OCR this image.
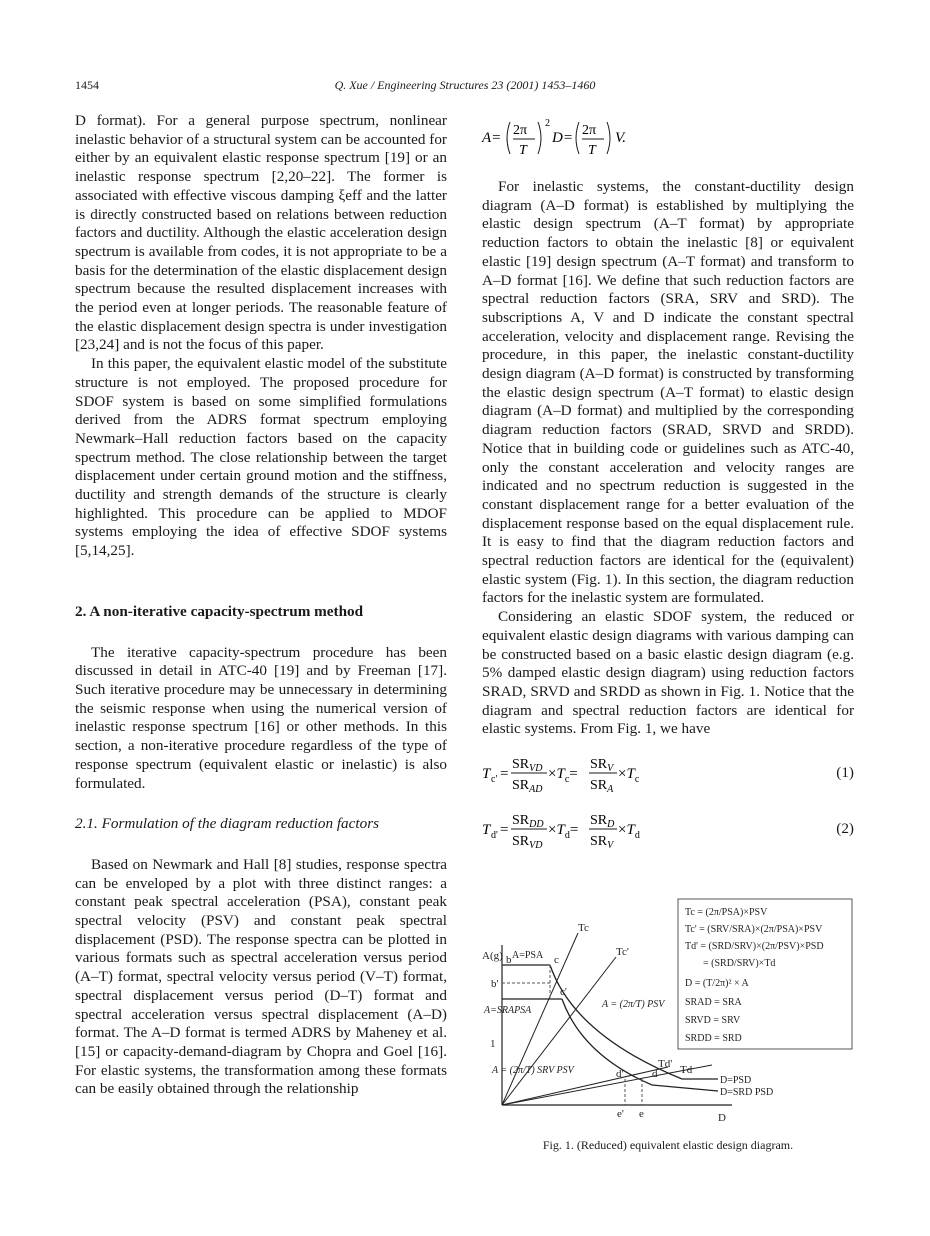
1454	Q. Xue / Engineering Structures 23 (2001) 1453–1460

D format). For a general purpose spectrum, nonlinear inelastic behavior of a structural system can be accounted for either by an equivalent elastic response spectrum [19] or an inelastic response spectrum [2,20–22]. The former is associated with effective viscous damping ξeff and the latter is directly constructed based on relations between reduction factors and ductility. Although the elastic acceleration design spectrum is available from codes, it is not appropriate to be a basis for the determination of the elastic displacement design spectrum because the resulted displacement increases with the period even at longer periods. The reasonable feature of the elastic displacement design spectra is under investigation [23,24] and is not the focus of this paper.

In this paper, the equivalent elastic model of the substitute structure is not employed. The proposed procedure for SDOF system is based on some simplified formulations derived from the ADRS format spectrum employing Newmark–Hall reduction factors based on the capacity spectrum method. The close relationship between the target displacement under certain ground motion and the stiffness, ductility and strength demands of the structure is clearly highlighted. This procedure can be applied to MDOF systems employing the idea of effective SDOF systems [5,14,25].

2. A non-iterative capacity-spectrum method

The iterative capacity-spectrum procedure has been discussed in detail in ATC-40 [19] and by Freeman [17]. Such iterative procedure may be unnecessary in determining the seismic response when using the numerical version of inelastic response spectrum [16] or other methods. In this section, a non-iterative procedure regardless of the type of response spectrum (equivalent elastic or inelastic) is also formulated.

2.1. Formulation of the diagram reduction factors

Based on Newmark and Hall [8] studies, response spectra can be enveloped by a plot with three distinct ranges: a constant peak spectral acceleration (PSA), constant peak spectral velocity (PSV) and constant peak spectral displacement (PSD). The response spectra can be plotted in various formats such as spectral acceleration versus period (A–T) format, spectral velocity versus period (V–T) format, spectral displacement versus period (D–T) format and spectral acceleration versus spectral displacement (A–D) format. The A–D format is termed ADRS by Maheney et al. [15] or capacity-demand-diagram by Chopra and Goel [16]. For elastic systems, the transformation among these formats can be easily obtained through the relationship

A= 2π
T
2
D= 2π
T
V.

For inelastic systems, the constant-ductility design diagram (A–D format) is established by multiplying the elastic design spectrum (A–T format) by appropriate reduction factors to obtain the inelastic [8] or equivalent elastic [19] design spectrum (A–T format) and transform to A–D format [16]. We define that such reduction factors are spectral reduction factors (SRA, SRV and SRD). The subscriptions A, V and D indicate the constant spectral acceleration, velocity and displacement range. Revising the procedure, in this paper, the inelastic constant-ductility design diagram (A–D format) is constructed by transforming the elastic design spectrum (A–T format) to elastic design diagram (A–D format) and multiplied by the corresponding diagram reduction factors (SRAD, SRVD and SRDD). Notice that in building code or guidelines such as ATC-40, only the constant acceleration and velocity ranges are indicated and no spectrum reduction is suggested in the constant displacement range for a better evaluation of the displacement response based on the equal displacement rule. It is easy to find that the diagram reduction factors and spectral reduction factors are identical for the (equivalent) elastic system (Fig. 1). In this section, the diagram reduction factors for the inelastic system are formulated.

Considering an elastic SDOF system, the reduced or equivalent elastic design diagrams with various damping can be constructed based on a basic elastic design diagram (e.g. 5% damped elastic design diagram) using reduction factors SRAD, SRVD and SRDD as shown in Fig. 1. Notice that the diagram and spectral reduction factors are identical for elastic systems. From Fig. 1, we have

T c' =
$SR_{VD}$
$SR_{AD}$
$\times T_c=$
$SR_V$
$SR_A$
$\times T_c$	(1)
T d' =
$SR_{DD}$
$SR_{VD}$
$\times T_d=$
$SR_D$
$SR_V$
$\times T_d$	(2)
Tc = (2π/PSA)×PSV
Tc' = (SRV/SRA)×(2π/PSA)×PSV
Td' = (SRD/SRV)×(2π/PSV)×PSD
= (SRD/SRV)×Td
D = (T/2π)² × A
SRAD = SRA
SRVD = SRV
SRDD = SRD
A(g)
D
1
b
b'
c
c'
Tc
Tc'
Td' Td
d'	d
e' e
A=PSA
A=SRAPSA
A = (2π/T) PSV
A = (2π/T) SRV PSV
D=PSD
D=SRD PSD
Fig. 1. (Reduced) equivalent elastic design diagram.
